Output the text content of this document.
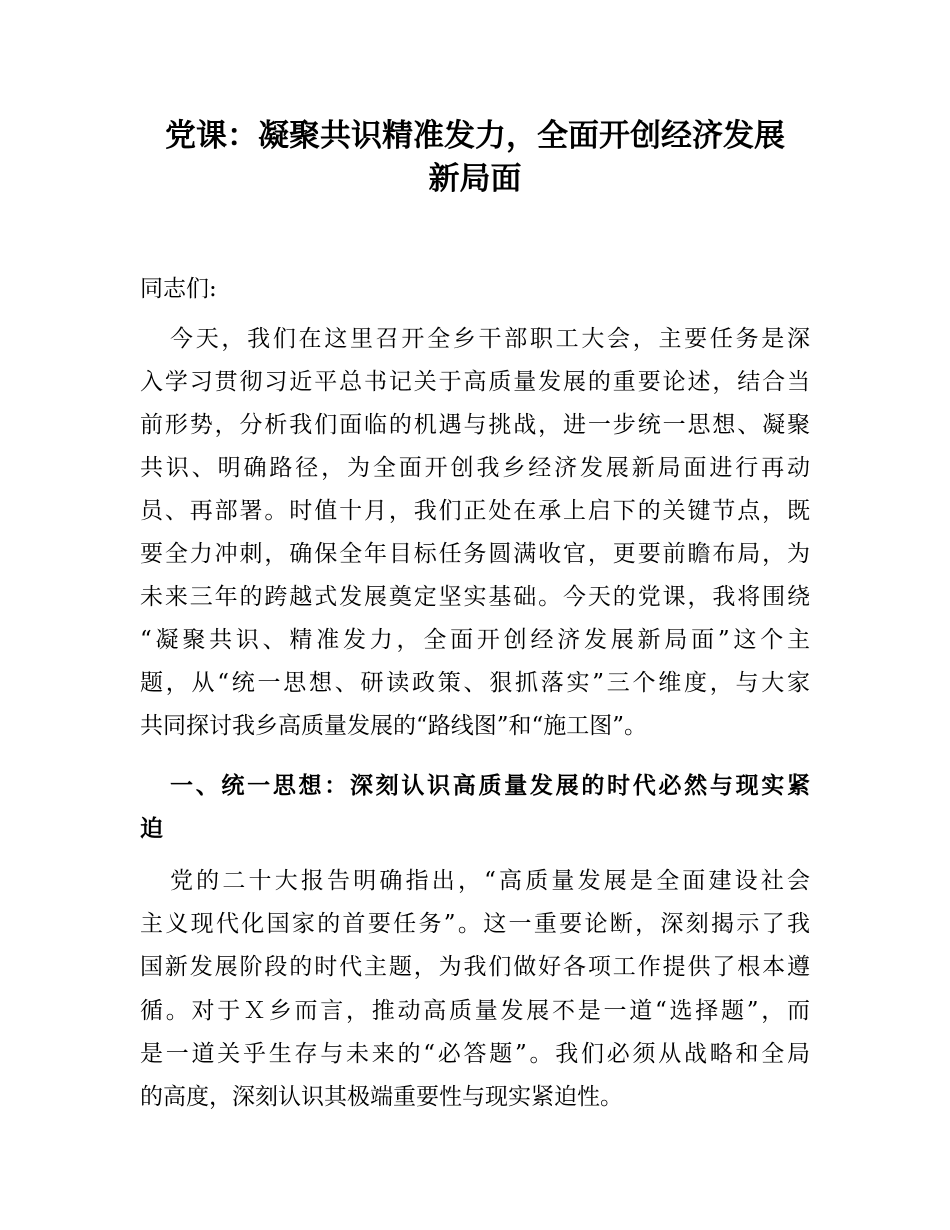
党课：凝聚共识精准发力，全面开创经济发展
新局面
同志们:
今天，我们在这里召开全乡干部职工大会，主要任务是深
入学习贯彻习近平总书记关于高质量发展的重要论述，结合当
前形势，分析我们面临的机遇与挑战，进一步统一思想、凝聚
共识、明确路径，为全面开创我乡经济发展新局面进行再动
员、再部署。时值十月，我们正处在承上启下的关键节点，既
要全力冲刺，确保全年目标任务圆满收官，更要前瞻布局，为
未来三年的跨越式发展奠定坚实基础。今天的党课，我将围绕
“凝聚共识、精准发力，全面开创经济发展新局面”这个主
题，从“统一思想、研读政策、狠抓落实”三个维度，与大家
共同探讨我乡高质量发展的“路线图”和“施工图”。
一、统一思想：深刻认识高质量发展的时代必然与现实紧
迫
党的二十大报告明确指出，“高质量发展是全面建设社会
主义现代化国家的首要任务”。这一重要论断，深刻揭示了我
国新发展阶段的时代主题，为我们做好各项工作提供了根本遵
循。对于Ｘ乡而言，推动高质量发展不是一道“选择题”，而
是一道关乎生存与未来的“必答题”。我们必须从战略和全局
的高度，深刻认识其极端重要性与现实紧迫性。
